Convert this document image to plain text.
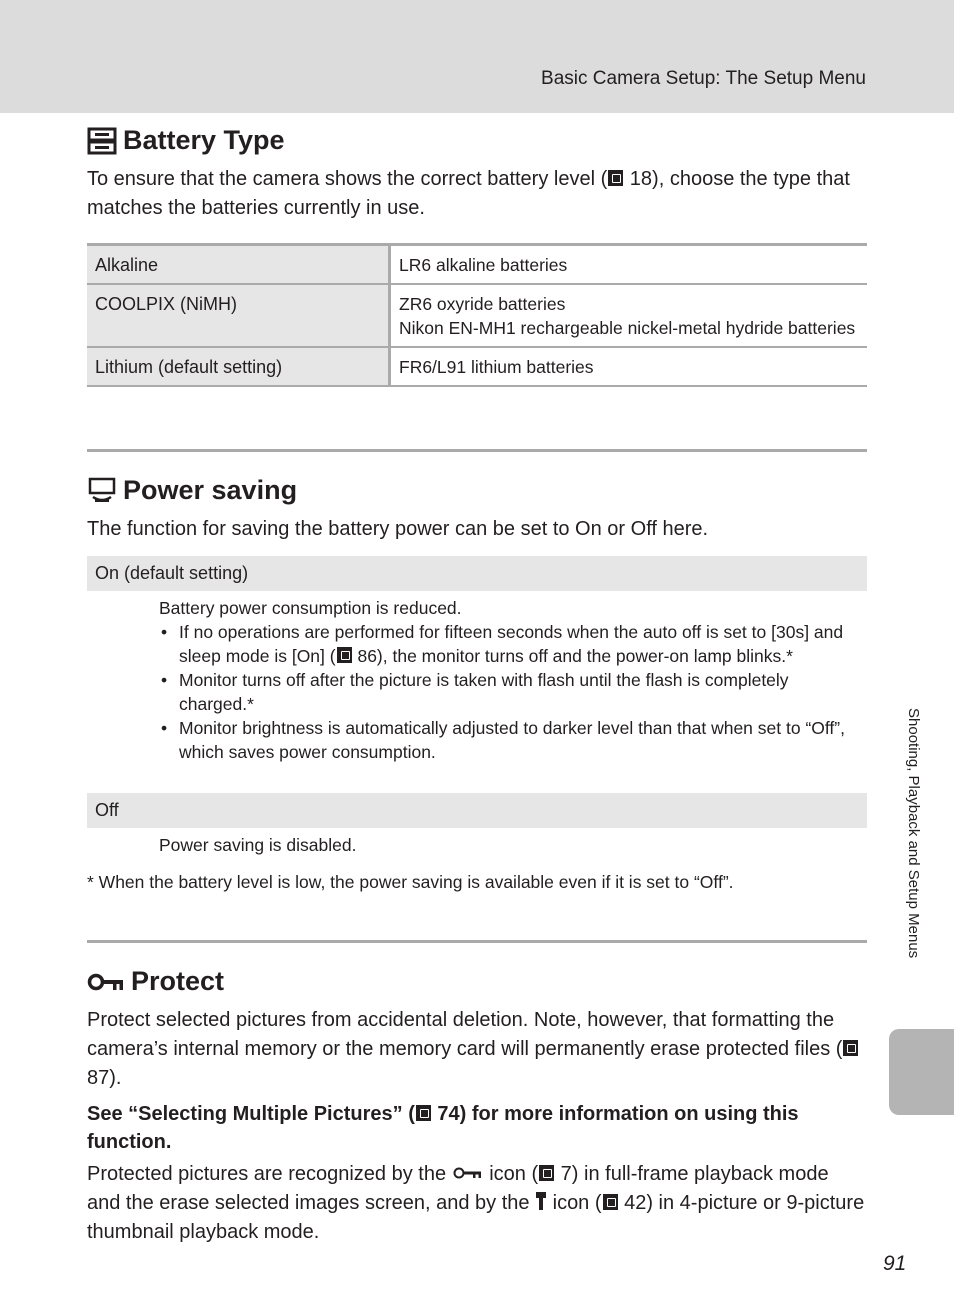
Basic Camera Setup: The Setup Menu
Battery Type
To ensure that the camera shows the correct battery level ( 18), choose the type that matches the batteries currently in use.
Alkaline	LR6 alkaline batteries

COOLPIX (NiMH)	ZR6 oxyride batteries
Nikon EN-MH1 rechargeable nickel-metal hydride batteries

Lithium (default setting)	FR6/L91 lithium batteries
Power saving
The function for saving the battery power can be set to On or Off here.
On (default setting)
Battery power consumption is reduced.
• If no operations are performed for fifteen seconds when the auto off is set to [30s] and sleep mode is [On] ( 86), the monitor turns off and the power-on lamp blinks.*
• Monitor turns off after the picture is taken with flash until the flash is completely charged.*
• Monitor brightness is automatically adjusted to darker level than that when set to “Off”, which saves power consumption.
Off
Power saving is disabled.
* When the battery level is low, the power saving is available even if it is set to “Off”.
Protect
Protect selected pictures from accidental deletion. Note, however, that formatting the camera’s internal memory or the memory card will permanently erase protected files ( 87).
See “Selecting Multiple Pictures” ( 74) for more information on using this function.
Protected pictures are recognized by the  icon ( 7) in full-frame playback mode and the erase selected images screen, and by the  icon ( 42) in 4-picture or 9-picture thumbnail playback mode.
Shooting, Playback and Setup Menus
91
